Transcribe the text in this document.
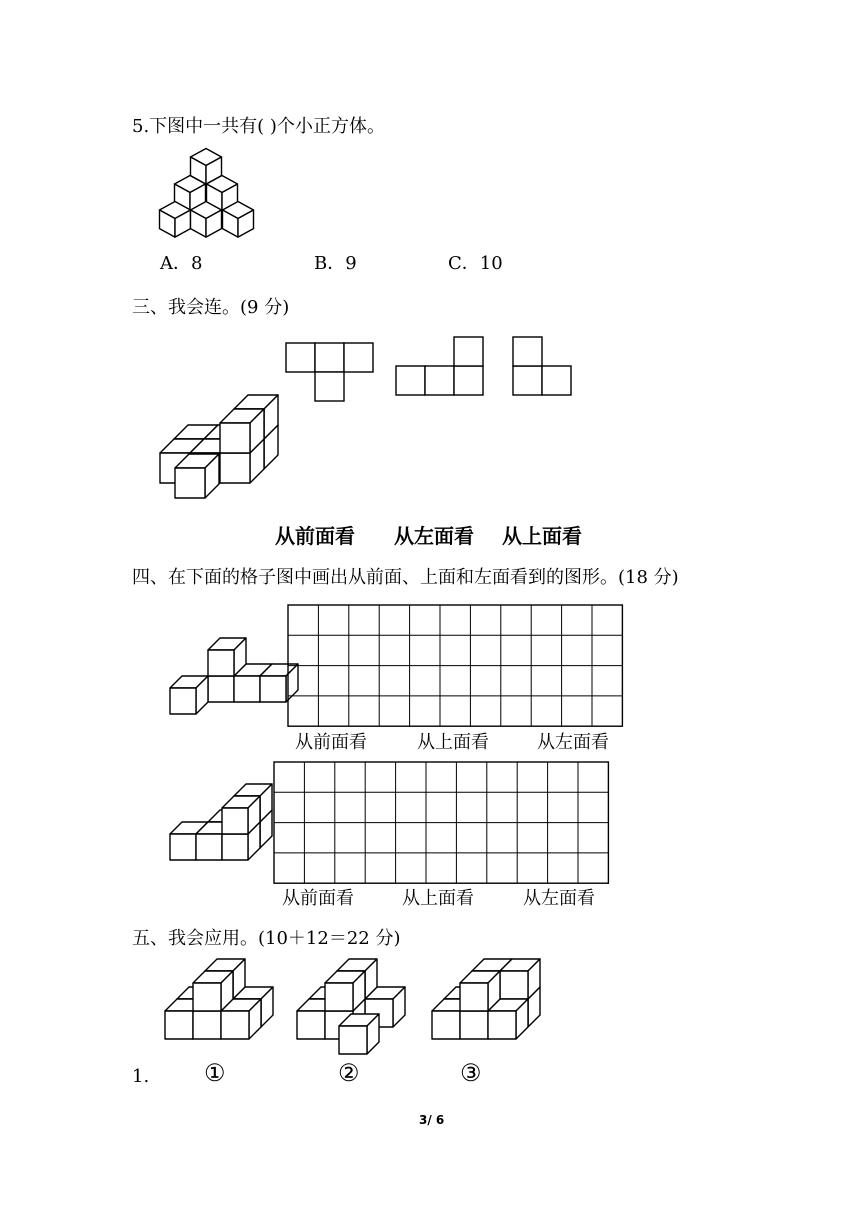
5.下图中一共有( )个小正方体。
A．8	B．9	C．10
三、我会连。(9 分)
从前面看 从左面看 从上面看
四、在下面的格子图中画出从前面、上面和左面看到的图形。(18 分)
从前面看	从上面看	从左面看
从前面看	从上面看	从左面看
五、我会应用。(10＋12＝22 分)
1. ①	②	③
3/ 6
